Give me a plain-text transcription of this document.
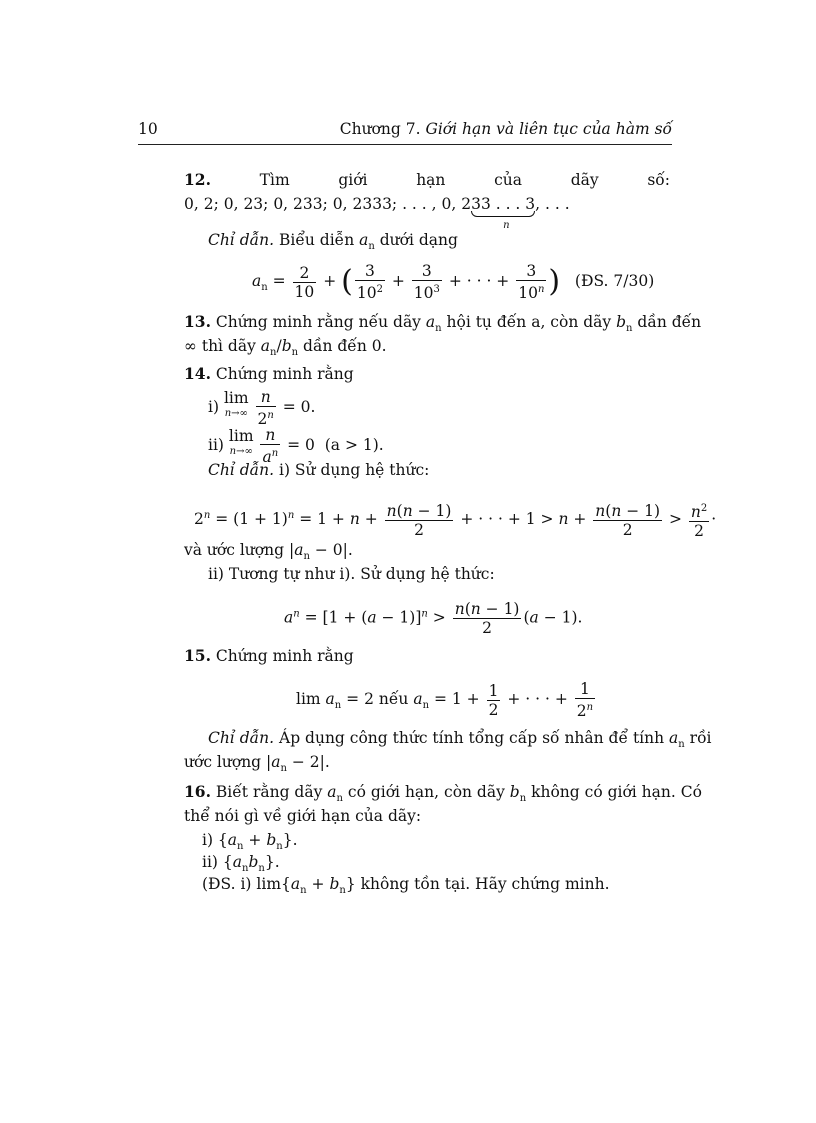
10	Chương 7. Giới hạn và liên tục của hàm số
12.	Tìm	giới	hạn	của	dãy	số:
0, 2; 0, 23; 0, 233; 0, 2333; . . . , 0, 233 . . . 3
n
, . . .
Chỉ dẫn. Biểu diễn $a_n$ dưới dạng
$a_n = \frac{2}{10}$ + ( $\frac{3}{10^2} + \frac{3}{10^3}$ + · · · + $\frac{3}{10^n}$ ) (ĐS. 7/30)
13. Chứng minh rằng nếu dãy $a_n$ hội tụ đến a, còn dãy $b_n$ dần đến
∞ thì dãy $a_n/b_n$ dần đến 0.
14. Chứng minh rằng
i) lim
n→∞
$\frac{n}{2^n} = 0$.
ii) lim
n→∞
$\frac{n}{a^n} = 0$  (a > 1).
Chỉ dẫn. i) Sử dụng hệ thức:
$2^n = (1 + 1)^n = 1 + n + \frac{n(n - 1)}{2}$ + · · · + $1 > n + \frac{n(n - 1)}{2} > \frac{n^2}{2}$ ·
và ước lượng $|a_n - 0|$.
ii) Tương tự như i). Sử dụng hệ thức:
$a^n = [1 + (a - 1)]^n > \frac{n(n - 1)}{2} (a - 1)$.
15. Chứng minh rằng
$\lim a_n = 2$ nếu $a_n = 1 + \frac{1}{2}$ + · · · + $\frac{1}{2^n}$
Chỉ dẫn. Áp dụng công thức tính tổng cấp số nhân để tính $a_n$ rồi
ước lượng $|a_n - 2|$.
16. Biết rằng dãy $a_n$ có giới hạn, còn dãy $b_n$ không có giới hạn. Có
thể nói gì về giới hạn của dãy:
i) $\{a_n + b_n\}$.
ii) $\{a_nb_n\}$.
(ĐS. i) $\lim\{a_n + b_n\}$ không tồn tại. Hãy chứng minh.
